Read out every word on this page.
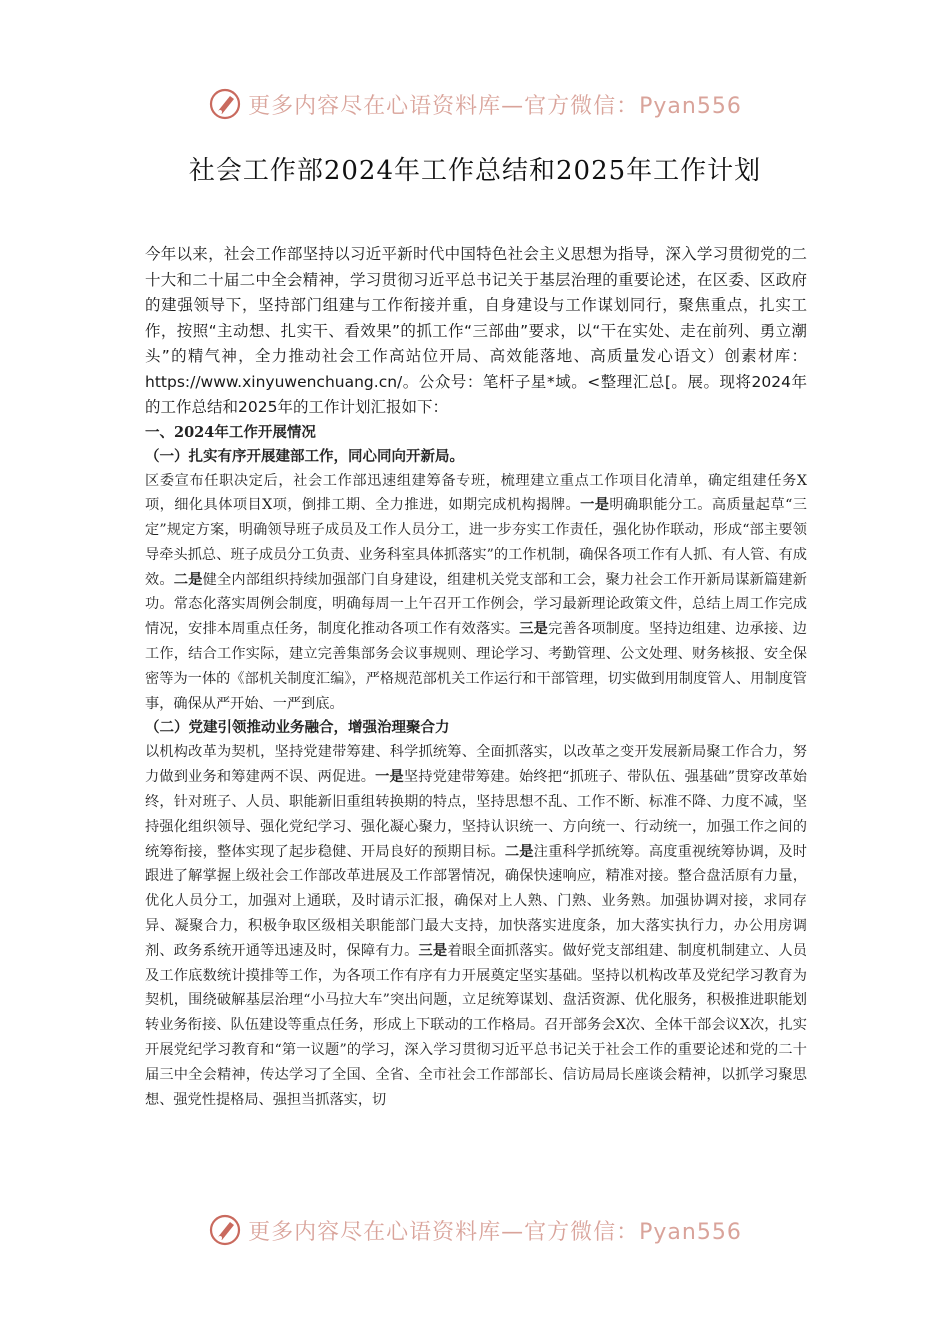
更多内容尽在心语资料库—官方微信：Pyan556
社会工作部2024年工作总结和2025年工作计划

今年以来，社会工作部坚持以习近平新时代中国特色社会主义思想为指导，深入学习贯彻党的二十大和二十届二中全会精神，学习贯彻习近平总书记关于基层治理的重要论述，在区委、区政府的建强领导下，坚持部门组建与工作衔接并重，自身建设与工作谋划同行，聚焦重点，扎实工作，按照“主动想、扎实干、看效果”的抓工作“三部曲”要求，以“干在实处、走在前列、勇立潮头”的精气神，全力推动社会工作高站位开局、高效能落地、高质量发心语文）创素材库：https://www.xinyuwenchuang.cn/。公众号：笔杆子星*域。<整理汇总[。展。现将2024年的工作总结和2025年的工作计划汇报如下：

一、2024年工作开展情况

（一）扎实有序开展建部工作，同心同向开新局。

区委宣布任职决定后，社会工作部迅速组建筹备专班，梳理建立重点工作项目化清单，确定组建任务X项，细化具体项目X项，倒排工期、全力推进，如期完成机构揭牌。一是明确职能分工。高质量起草“三定”规定方案，明确领导班子成员及工作人员分工，进一步夯实工作责任，强化协作联动，形成“部主要领导牵头抓总、班子成员分工负责、业务科室具体抓落实”的工作机制，确保各项工作有人抓、有人管、有成效。二是健全内部组织持续加强部门自身建设，组建机关党支部和工会，聚力社会工作开新局谋新篇建新功。常态化落实周例会制度，明确每周一上午召开工作例会，学习最新理论政策文件，总结上周工作完成情况，安排本周重点任务，制度化推动各项工作有效落实。三是完善各项制度。坚持边组建、边承接、边工作，结合工作实际，建立完善集部务会议事规则、理论学习、考勤管理、公文处理、财务核报、安全保密等为一体的《部机关制度汇编》，严格规范部机关工作运行和干部管理，切实做到用制度管人、用制度管事，确保从严开始、一严到底。

（二）党建引领推动业务融合，增强治理聚合力

以机构改革为契机，坚持党建带筹建、科学抓统筹、全面抓落实，以改革之变开发展新局聚工作合力，努力做到业务和筹建两不误、两促进。一是坚持党建带筹建。始终把“抓班子、带队伍、强基础”贯穿改革始终，针对班子、人员、职能新旧重组转换期的特点，坚持思想不乱、工作不断、标准不降、力度不减，坚持强化组织领导、强化党纪学习、强化凝心聚力，坚持认识统一、方向统一、行动统一，加强工作之间的统筹衔接，整体实现了起步稳健、开局良好的预期目标。二是注重科学抓统筹。高度重视统筹协调，及时跟进了解掌握上级社会工作部改革进展及工作部署情况，确保快速响应，精准对接。整合盘活原有力量，优化人员分工，加强对上通联，及时请示汇报，确保对上人熟、门熟、业务熟。加强协调对接，求同存异、凝聚合力，积极争取区级相关职能部门最大支持，加快落实进度条，加大落实执行力，办公用房调剂、政务系统开通等迅速及时，保障有力。三是着眼全面抓落实。做好党支部组建、制度机制建立、人员及工作底数统计摸排等工作，为各项工作有序有力开展奠定坚实基础。坚持以机构改革及党纪学习教育为契机，围绕破解基层治理“小马拉大车”突出问题，立足统筹谋划、盘活资源、优化服务，积极推进职能划转业务衔接、队伍建设等重点任务，形成上下联动的工作格局。召开部务会X次、全体干部会议X次，扎实开展党纪学习教育和“第一议题”的学习，深入学习贯彻习近平总书记关于社会工作的重要论述和党的二十届三中全会精神，传达学习了全国、全省、全市社会工作部部长、信访局局长座谈会精神，以抓学习聚思想、强党性提格局、强担当抓落实，切

更多内容尽在心语资料库—官方微信：Pyan556
